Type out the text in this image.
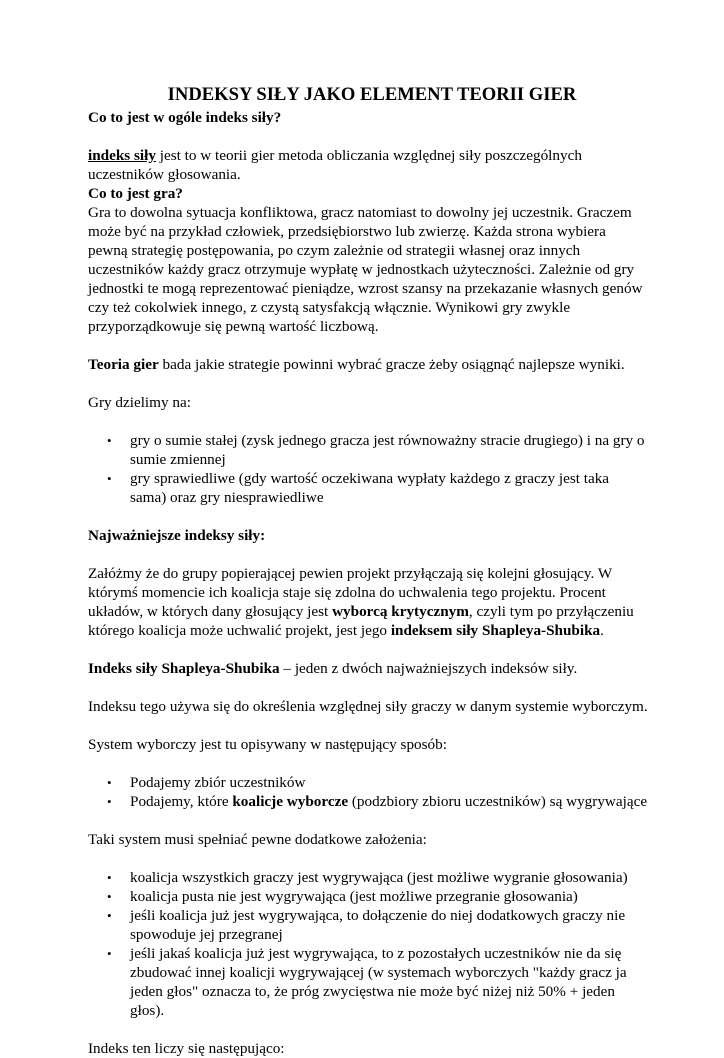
INDEKSY SIŁY JAKO ELEMENT TEORII GIER

Co to jest w ogóle indeks siły?

indeks siły jest to w teorii gier metoda obliczania względnej siły poszczególnych uczestników głosowania.

Co to jest gra?

Gra to dowolna sytuacja konfliktowa, gracz natomiast to dowolny jej uczestnik. Graczem może być na przykład człowiek, przedsiębiorstwo lub zwierzę. Każda strona wybiera pewną strategię postępowania, po czym zależnie od strategii własnej oraz innych uczestników każdy gracz otrzymuje wypłatę w jednostkach użyteczności. Zależnie od gry jednostki te mogą reprezentować pieniądze, wzrost szansy na przekazanie własnych genów czy też cokolwiek innego, z czystą satysfakcją włącznie. Wynikowi gry zwykle przyporządkowuje się pewną wartość liczbową.

Teoria gier bada jakie strategie powinni wybrać gracze żeby osiągnąć najlepsze wyniki.

Gry dzielimy na:

• gry o sumie stałej (zysk jednego gracza jest równoważny stracie drugiego) i na gry o sumie zmiennej
• gry sprawiedliwe (gdy wartość oczekiwana wypłaty każdego z graczy jest taka sama) oraz gry niesprawiedliwe

Najważniejsze indeksy siły:

Załóżmy że do grupy popierającej pewien projekt przyłączają się kolejni głosujący. W którymś momencie ich koalicja staje się zdolna do uchwalenia tego projektu. Procent układów, w których dany głosujący jest wyborcą krytycznym, czyli tym po przyłączeniu którego koalicja może uchwalić projekt, jest jego indeksem siły Shapleya-Shubika.

Indeks siły Shapleya-Shubika – jeden z dwóch najważniejszych indeksów siły.

Indeksu tego używa się do określenia względnej siły graczy w danym systemie wyborczym.

System wyborczy jest tu opisywany w następujący sposób:

• Podajemy zbiór uczestników
• Podajemy, które koalicje wyborcze (podzbiory zbioru uczestników) są wygrywające

Taki system musi spełniać pewne dodatkowe założenia:

• koalicja wszystkich graczy jest wygrywająca (jest możliwe wygranie głosowania)
• koalicja pusta nie jest wygrywająca (jest możliwe przegranie głosowania)
• jeśli koalicja już jest wygrywająca, to dołączenie do niej dodatkowych graczy nie spowoduje jej przegranej
• jeśli jakaś koalicja już jest wygrywająca, to z pozostałych uczestników nie da się zbudować innej koalicji wygrywającej (w systemach wyborczych "każdy gracz ja jeden głos" oznacza to, że próg zwycięstwa nie może być niżej niż 50% + jeden głos).

Indeks ten liczy się następująco:
